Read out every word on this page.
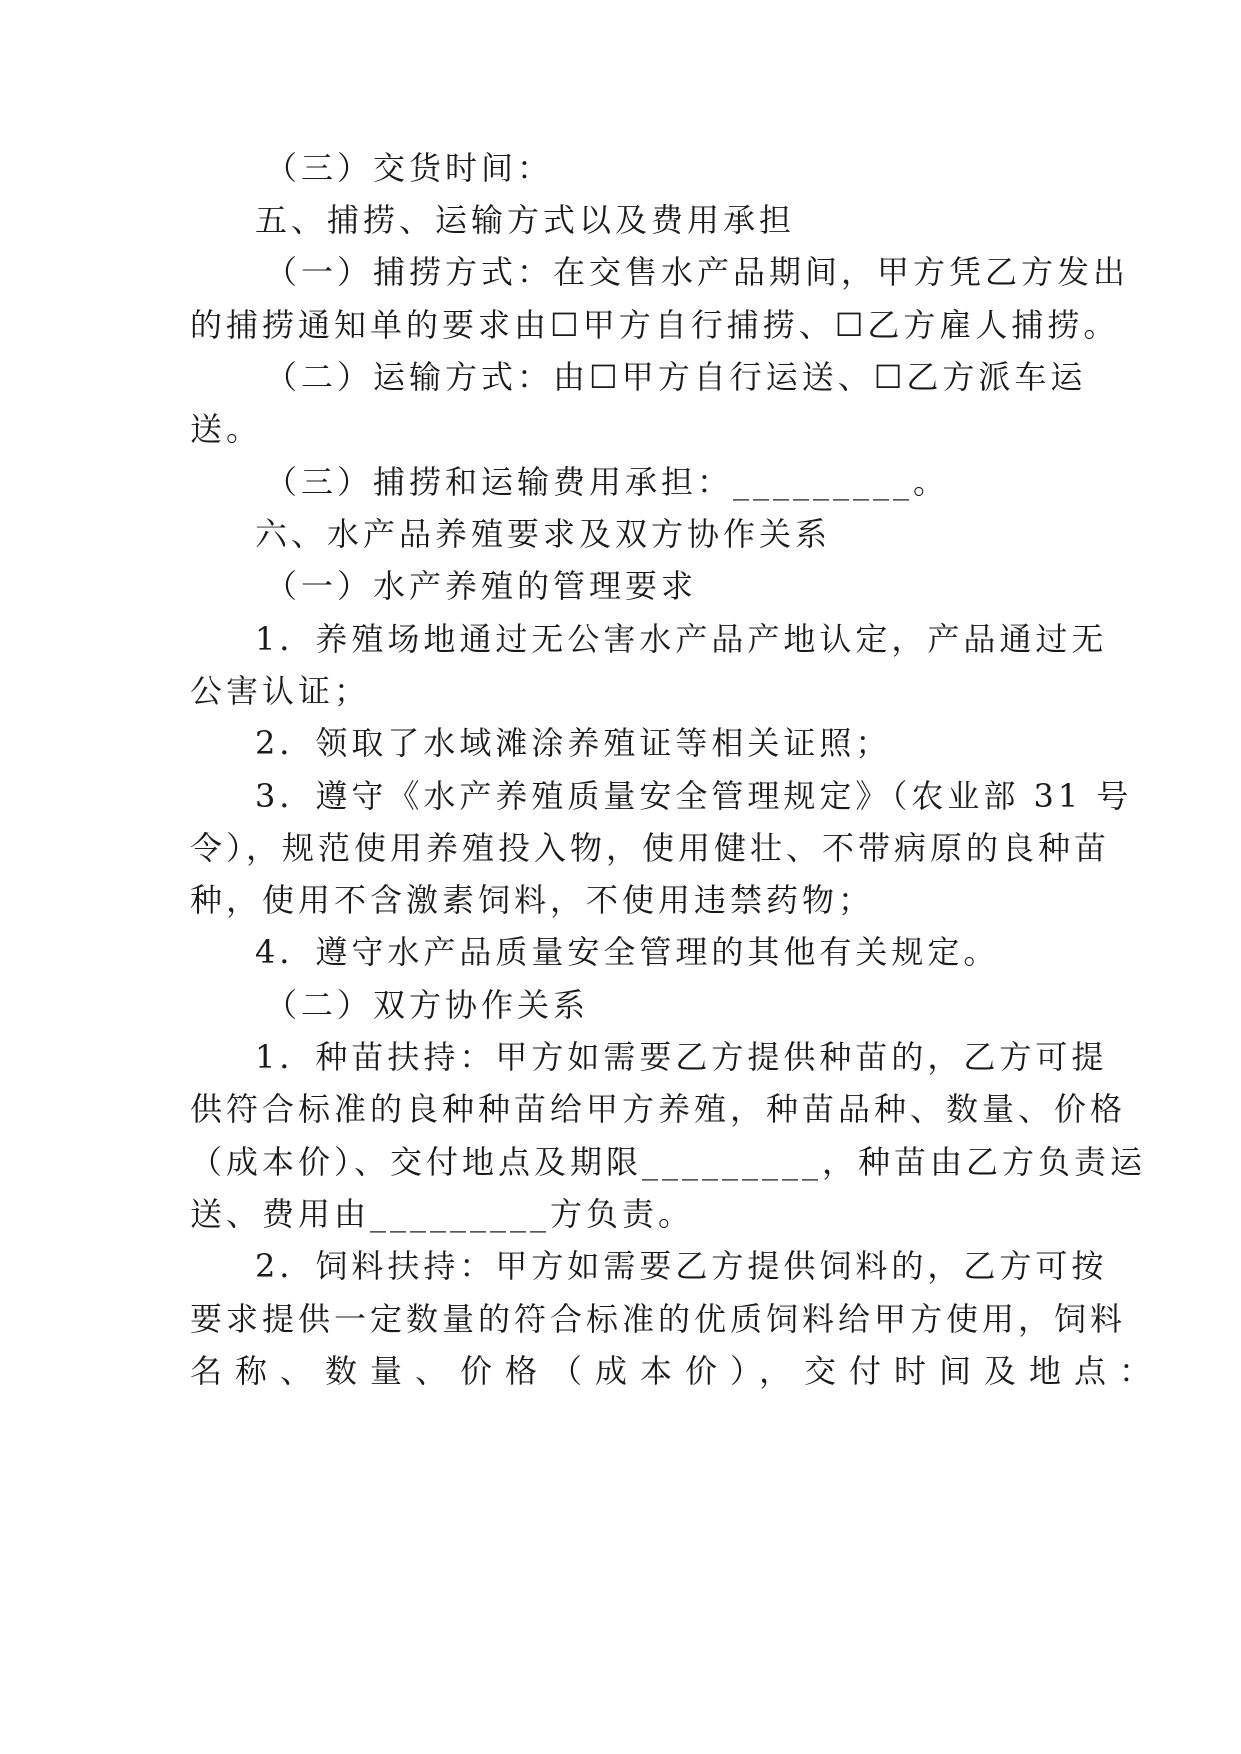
（三）交货时间：
五、捕捞、运输方式以及费用承担
（一）捕捞方式：在交售水产品期间，甲方凭乙方发出
的捕捞通知单的要求由☐甲方自行捕捞、☐乙方雇人捕捞。
（二）运输方式：由☐甲方自行运送、☐乙方派车运
送。
（三）捕捞和运输费用承担：_________。
六、水产品养殖要求及双方协作关系
（一）水产养殖的管理要求
1．养殖场地通过无公害水产品产地认定，产品通过无
公害认证；
2．领取了水域滩涂养殖证等相关证照；
3．遵守《水产养殖质量安全管理规定》（农业部 31 号
令），规范使用养殖投入物，使用健壮、不带病原的良种苗
种，使用不含激素饲料，不使用违禁药物；
4．遵守水产品质量安全管理的其他有关规定。
（二）双方协作关系
1．种苗扶持：甲方如需要乙方提供种苗的，乙方可提
供符合标准的良种种苗给甲方养殖，种苗品种、数量、价格
（成本价）、交付地点及期限_________，种苗由乙方负责运
送、费用由_________方负责。
2．饲料扶持：甲方如需要乙方提供饲料的，乙方可按
要求提供一定数量的符合标准的优质饲料给甲方使用，饲料
名称、数量、价格（成本价），交付时间及地点：
